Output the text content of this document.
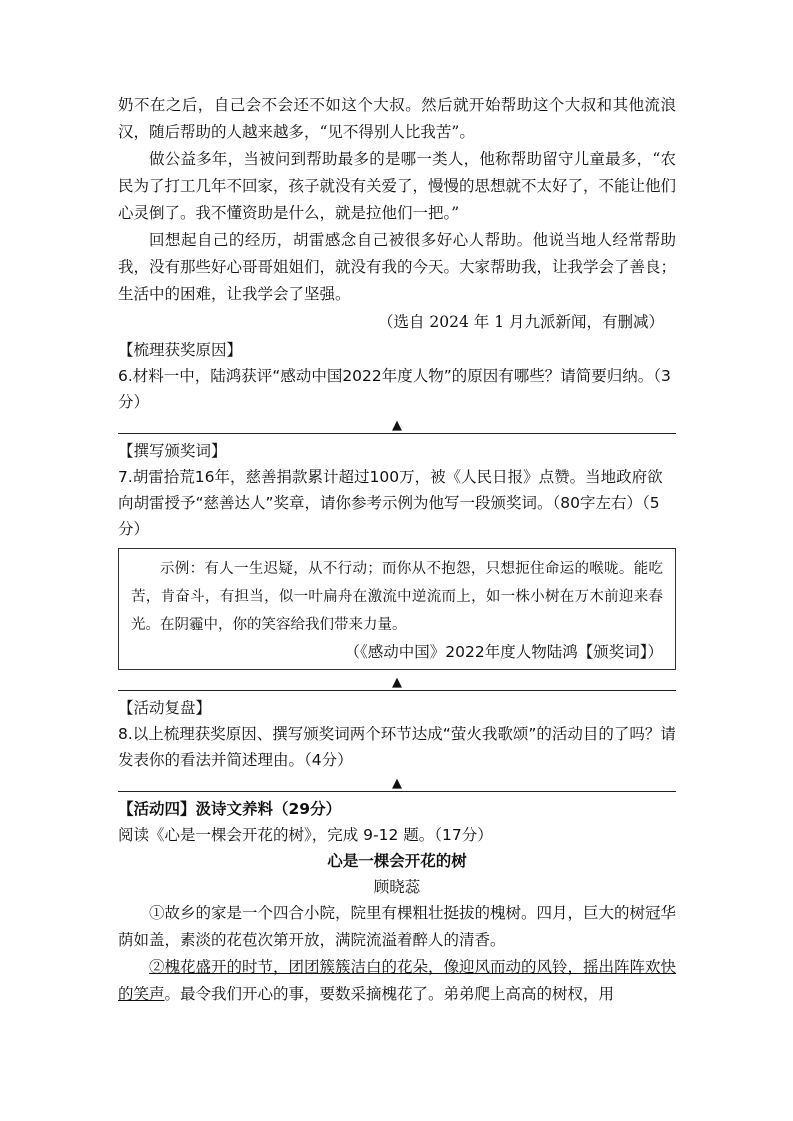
奶不在之后，自己会不会还不如这个大叔。然后就开始帮助这个大叔和其他流浪汉，随后帮助的人越来越多，“见不得别人比我苦”。

做公益多年，当被问到帮助最多的是哪一类人，他称帮助留守儿童最多，“农民为了打工几年不回家，孩子就没有关爱了，慢慢的思想就不太好了，不能让他们心灵倒了。我不懂资助是什么，就是拉他们一把。”

回想起自己的经历，胡雷感念自己被很多好心人帮助。他说当地人经常帮助我，没有那些好心哥哥姐姐们，就没有我的今天。大家帮助我，让我学会了善良；生活中的困难，让我学会了坚强。

（选自 2024 年 1 月九派新闻，有删减）

【梳理获奖原因】

6.材料一中，陆鸿获评“感动中国2022年度人物”的原因有哪些？请简要归纳。（3分）

▲

【撰写颁奖词】

7.胡雷拾荒16年，慈善捐款累计超过100万，被《人民日报》点赞。当地政府欲向胡雷授予“慈善达人”奖章，请你参考示例为他写一段颁奖词。（80字左右）（5分）

示例：有人一生迟疑，从不行动；而你从不抱怨，只想扼住命运的喉咙。能吃苦，肯奋斗，有担当，似一叶扁舟在激流中逆流而上，如一株小树在万木前迎来春光。在阴霾中，你的笑容给我们带来力量。

（《感动中国》2022年度人物陆鸿【颁奖词】）

▲

【活动复盘】

8.以上梳理获奖原因、撰写颁奖词两个环节达成“萤火我歌颂”的活动目的了吗？请发表你的看法并简述理由。（4分）

▲

【活动四】汲诗文养料（29分）

阅读《心是一棵会开花的树》，完成 9-12 题。（17分）

心是一棵会开花的树

顾晓蕊

①故乡的家是一个四合小院，院里有棵粗壮挺拔的槐树。四月，巨大的树冠华荫如盖，素淡的花苞次第开放，满院流溢着醉人的清香。

②槐花盛开的时节，团团簇簇洁白的花朵，像迎风而动的风铃，摇出阵阵欢快的笑声。最令我们开心的事，要数采摘槐花了。弟弟爬上高高的树杈，用
